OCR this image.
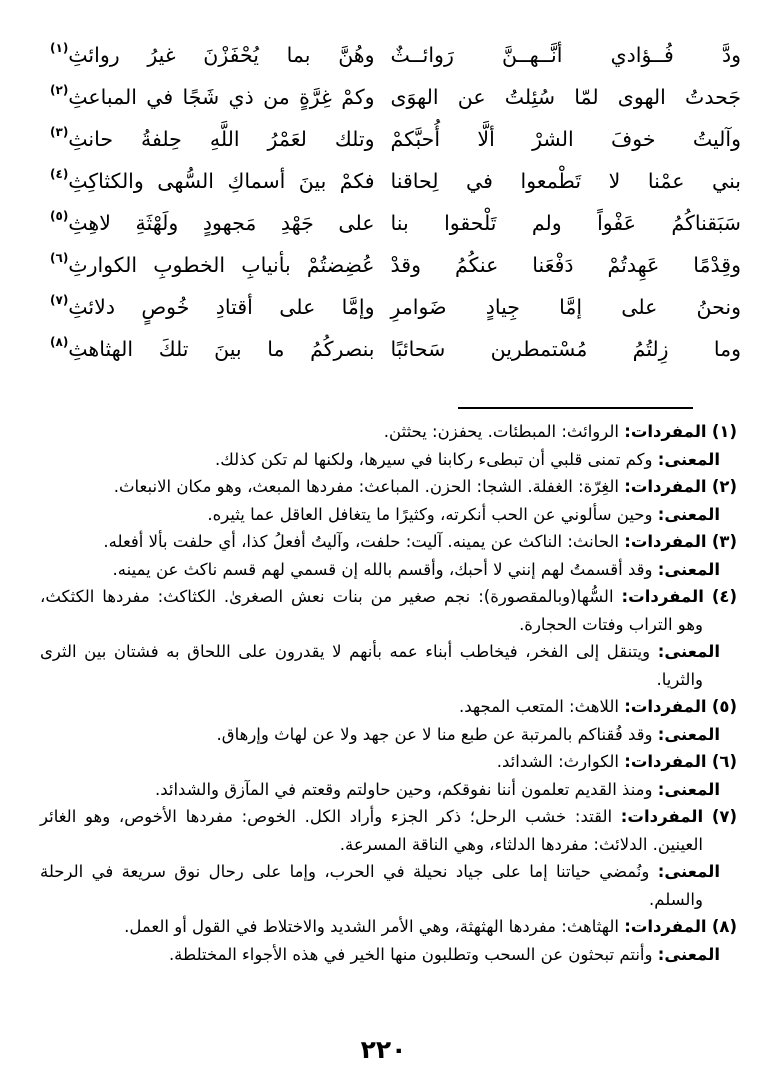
ودَّ فُــؤادي أنَّــهــنَّ رَوائــثٌ
وهُنَّ بما يُحْفَزْنَ غيرُ روائثِ$^{(١)}$
جَحدتُ الهوى لمّا سُئِلتُ عن الهوَى
وكمْ غِرَّةٍ من ذي شَجًا في المباعثِ$^{(٢)}$
وآليتُ خوفَ الشرْ ألَّا أُحبَّكمْ
وتلك لعَمْرُ اللَّهِ حِلفةُ حانثِ$^{(٣)}$
بني عمْنا لا تَطْمعوا في لِحاقنا
فكمْ بينَ أسماكِ السُّهى والكثاكِثِ$^{(٤)}$
سَبَقناكُمُ عَفْواً ولم تَلْحقوا بنا
على جَهْدِ مَجهودٍ ولَهْثَةِ لاهِثِ$^{(٥)}$
وقِدْمًا عَهِدتُمْ دَفْعَنا عنكُمُ وقدْ
عُضِضتُمْ بأنيابِ الخطوبِ الكوارثِ$^{(٦)}$
ونحنُ على إمَّا جِيادٍ ضَوامرِ
وإمَّا على أقتادِ خُوصٍ دلائثِ$^{(٧)}$
وما زِلتُمُ مُسْتمطرين سَحائبًا
بنصركُمُ ما بينَ تلكَ الهثاهثِ$^{(٨)}$

(١) المفردات: الروائث: المبطئات. يحفزن: يحثثن.

المعنى: وكم تمنى قلبي أن تبطىء ركابنا في سيرها، ولكنها لم تكن كذلك.

(٢) المفردات: الغِرّة: الغفلة. الشجا: الحزن. المباعث: مفردها المبعث، وهو مكان الانبعاث.

المعنى: وحين سألوني عن الحب أنكرته، وكثيرًا ما يتغافل العاقل عما يثيره.

(٣) المفردات: الحانث: الناكث عن يمينه. آليت: حلفت، وآليتُ أفعلُ كذا، أي حلفت بألا أفعله.

المعنى: وقد أقسمتُ لهم إنني لا أحبك، وأقسم بالله إن قسمي لهم قسم ناكث عن يمينه.

(٤) المفردات: السُّها(وبالمقصورة): نجم صغير من بنات نعش الصغرىٰ. الكثاكث: مفردها الكثكث، وهو التراب وفتات الحجارة.

المعنى: ويتنقل إلى الفخر، فيخاطب أبناء عمه بأنهم لا يقدرون على اللحاق به فشتان بين الثرى والثريا.

(٥) المفردات: اللاهث: المتعب المجهد.

المعنى: وقد فُقناكم بالمرتبة عن طبع منا لا عن جهد ولا عن لهاث وإرهاق.

(٦) المفردات: الكوارث: الشدائد.

المعنى: ومنذ القديم تعلمون أننا نفوقكم، وحين حاولتم وقعتم في المآزق والشدائد.

(٧) المفردات: القتد: خشب الرحل؛ ذكر الجزء وأراد الكل. الخوص: مفردها الأخوص، وهو الغائر العينين. الدلائث: مفردها الدلثاء، وهي الناقة المسرعة.

المعنى: ونُمضي حياتنا إما على جياد نحيلة في الحرب، وإما على رحال نوق سريعة في الرحلة والسلم.

(٨) المفردات: الهثاهث: مفردها الهثهثة، وهي الأمر الشديد والاختلاط في القول أو العمل.

المعنى: وأنتم تبحثون عن السحب وتطلبون منها الخير في هذه الأجواء المختلطة.

٢٢٠
